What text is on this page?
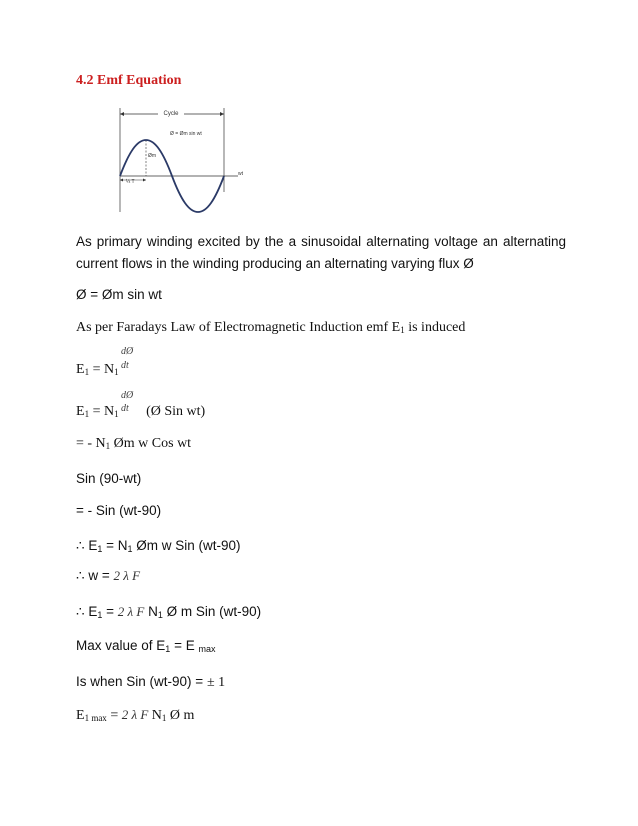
4.2 Emf Equation
Cycle
Ø = Øm sin wt
wt
Øm
¼ T
As primary winding excited by the a sinusoidal alternating voltage an alternating current flows in the winding producing an alternating varying flux Ø
Ø = Øm sin wt
As per Faradays Law of Electromagnetic Induction emf $E_1$ is induced
dØ
dt
$E_1 = N_1$
dØ
dt
$E_1 = N_1$ (Ø Sin wt)
= - $N_1$ Øm w Cos wt
Sin (90-wt)
= - Sin (wt-90)
∴ $E_1 = N_1$ Øm w Sin (wt-90)
∴ w = 2 λ F
∴ $E_1 = 2$ λ F $N_1$ Ø m Sin (wt-90)
Max value of $E_1 = E$ $_{max}$
Is when Sin (wt-90) = ± 1
$E_{1 max} = 2$ λ F $N_1$ Ø m
